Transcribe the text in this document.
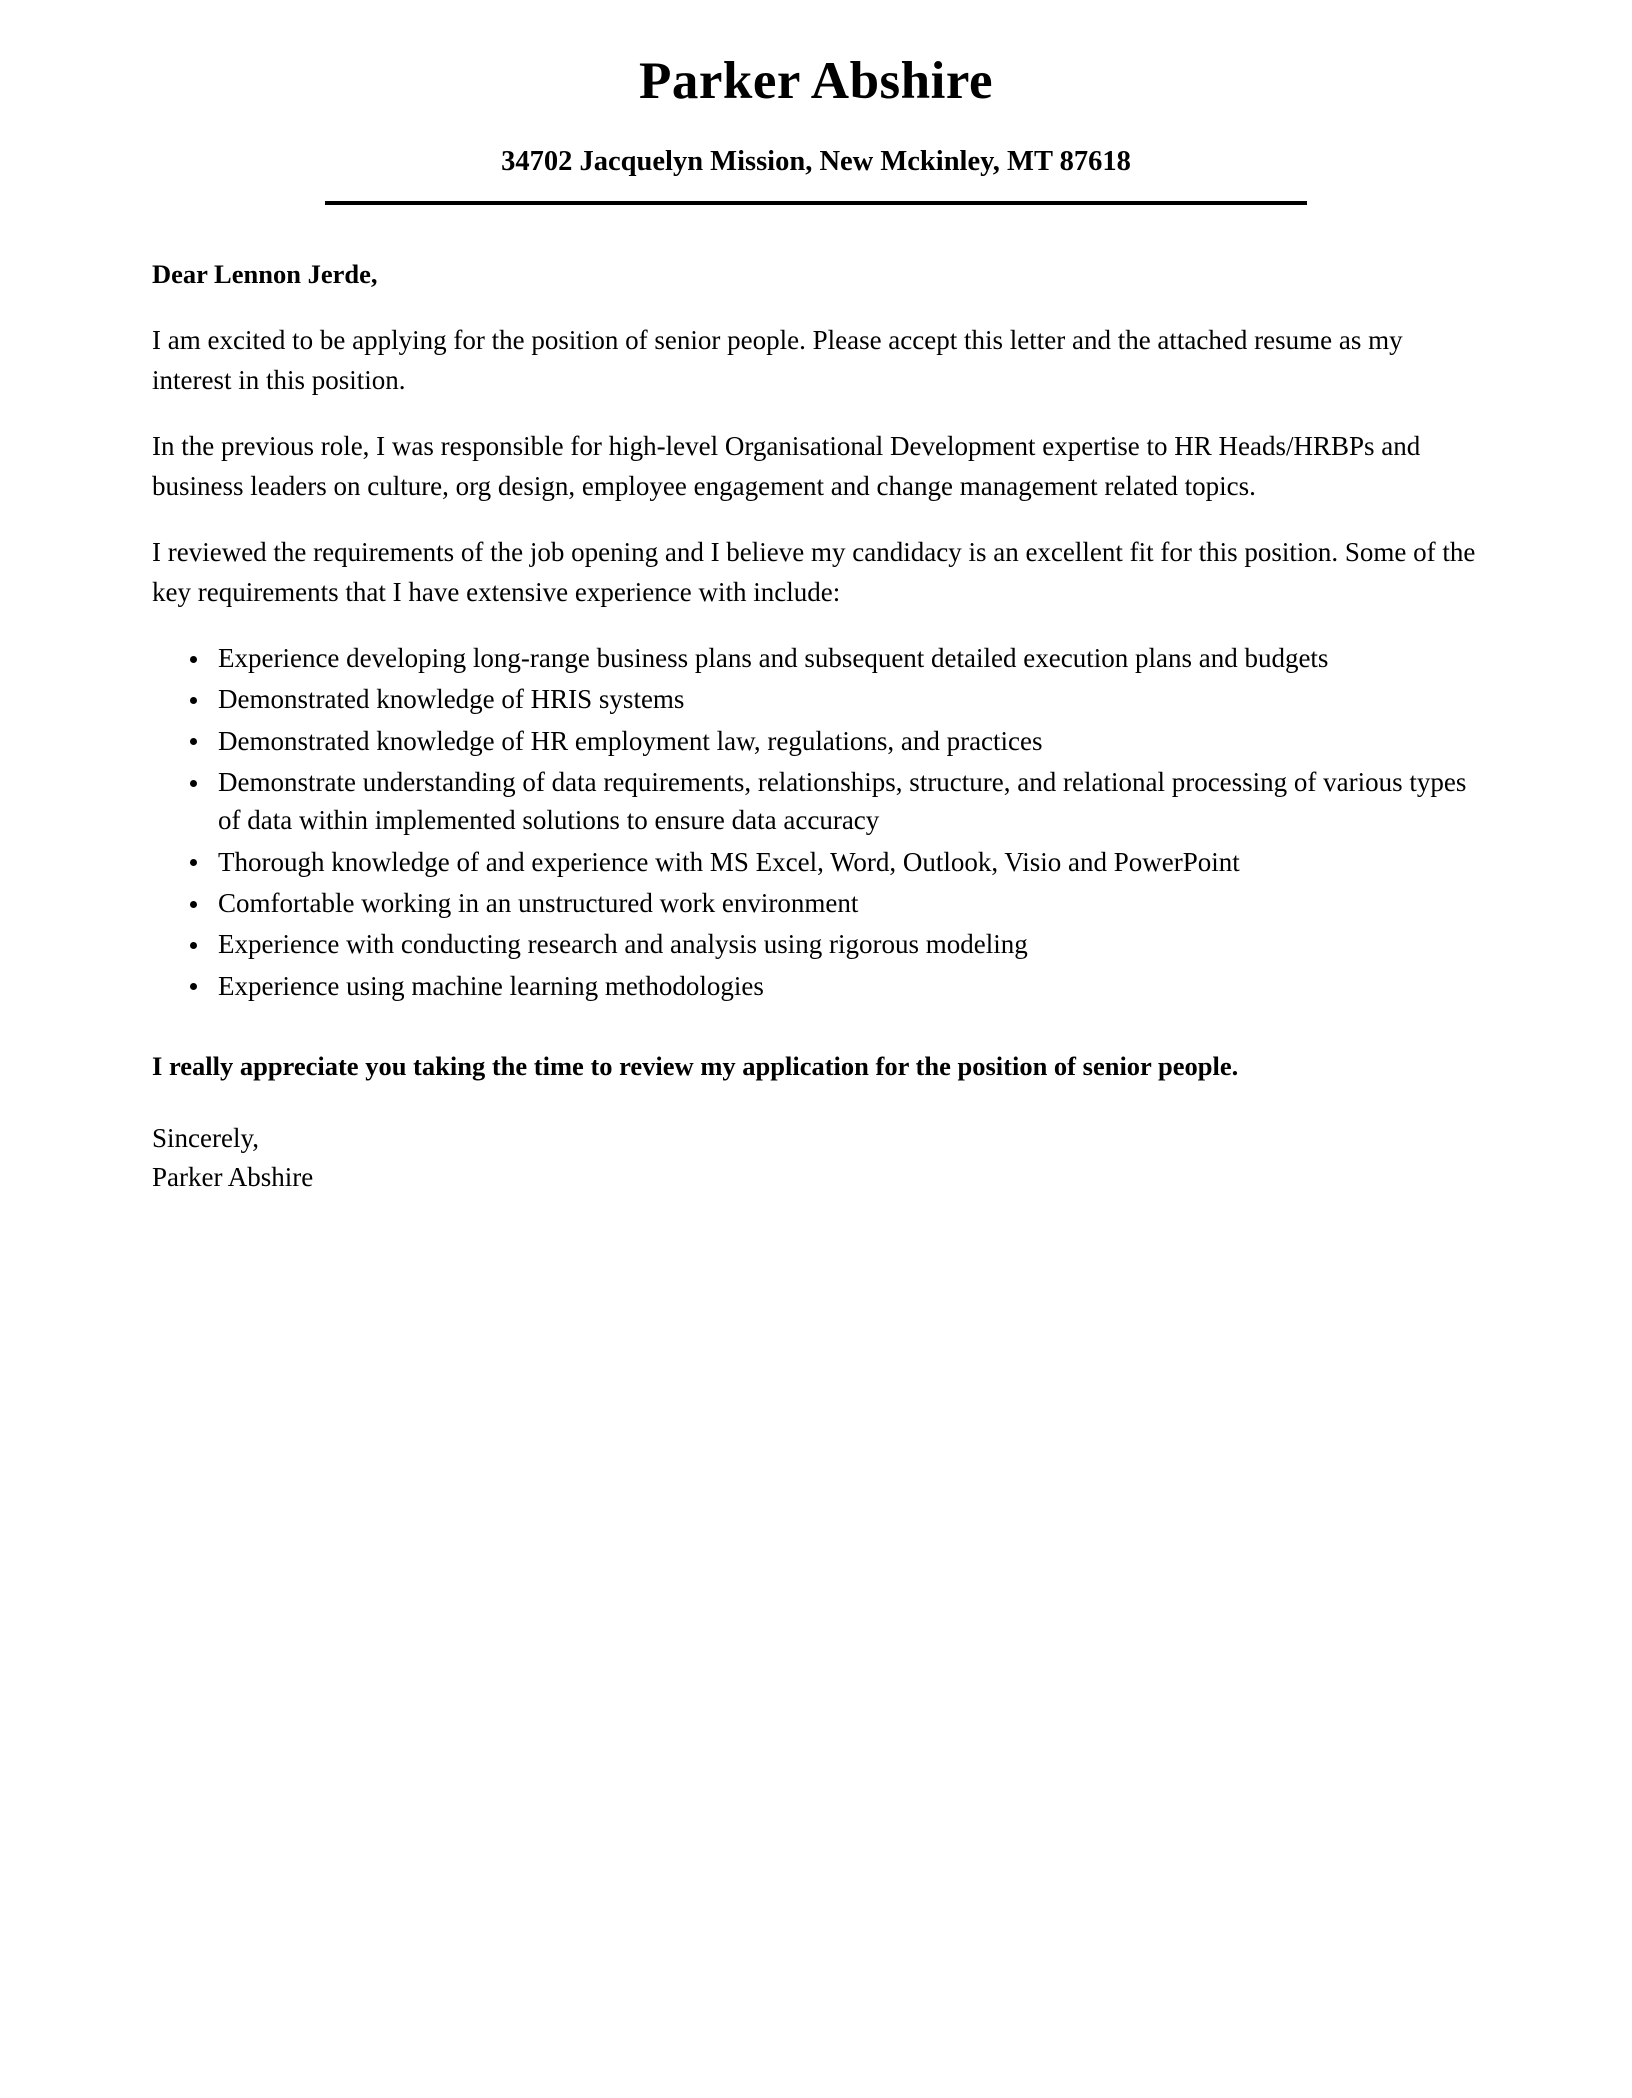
Parker Abshire
34702 Jacquelyn Mission, New Mckinley, MT 87618

Dear Lennon Jerde,

I am excited to be applying for the position of senior people. Please accept this letter and the attached resume as my interest in this position.

In the previous role, I was responsible for high-level Organisational Development expertise to HR Heads/HRBPs and business leaders on culture, org design, employee engagement and change management related topics.

I reviewed the requirements of the job opening and I believe my candidacy is an excellent fit for this position. Some of the key requirements that I have extensive experience with include:

Experience developing long-range business plans and subsequent detailed execution plans and budgets
Demonstrated knowledge of HRIS systems
Demonstrated knowledge of HR employment law, regulations, and practices
Demonstrate understanding of data requirements, relationships, structure, and relational processing of various types of data within implemented solutions to ensure data accuracy
Thorough knowledge of and experience with MS Excel, Word, Outlook, Visio and PowerPoint
Comfortable working in an unstructured work environment
Experience with conducting research and analysis using rigorous modeling
Experience using machine learning methodologies

I really appreciate you taking the time to review my application for the position of senior people.

Sincerely,
Parker Abshire
